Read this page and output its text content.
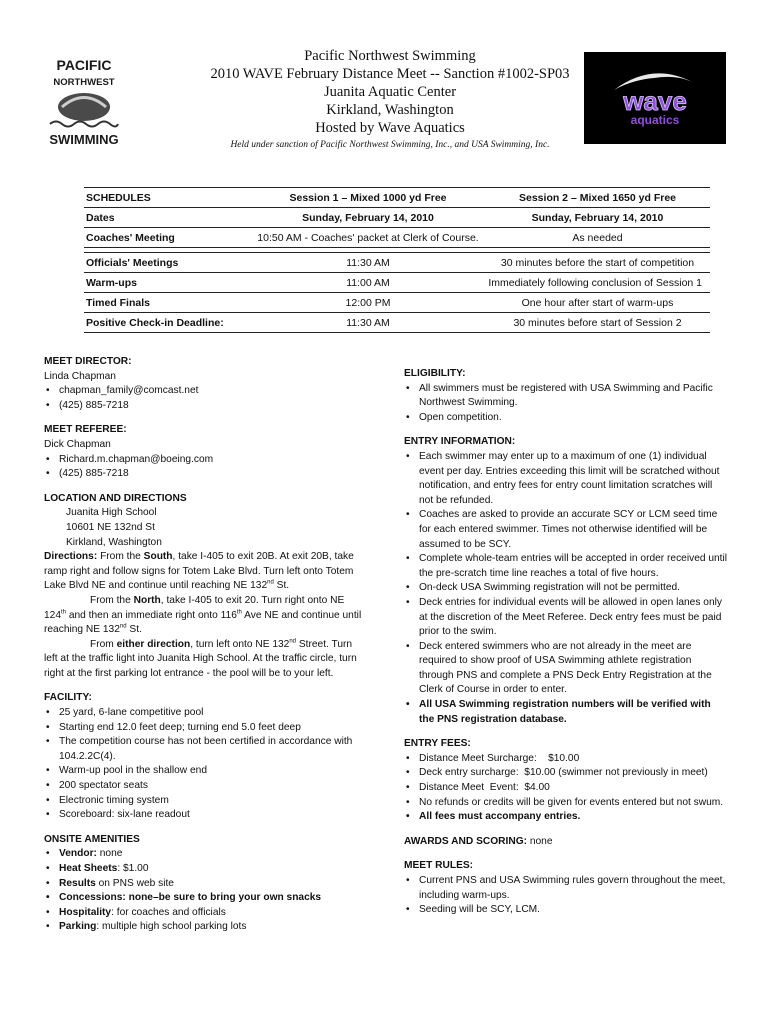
PACIFIC
NORTHWEST
SWIMMING
wave
aquatics
Pacific Northwest Swimming
2010 WAVE February Distance Meet -- Sanction #1002-SP03
Juanita Aquatic Center
Kirkland, Washington
Hosted by Wave Aquatics
Held under sanction of Pacific Northwest Swimming, Inc., and USA Swimming, Inc.
SCHEDULES	Session 1 – Mixed 1000 yd Free	Session 2 – Mixed 1650 yd Free
Dates	Sunday, February 14, 2010	Sunday, February 14, 2010
Coaches' Meeting	10:50 AM - Coaches' packet at Clerk of Course.	As needed

Officials' Meetings	11:30 AM	30 minutes before the start of competition
Warm-ups	11:00 AM	Immediately following conclusion of Session 1
Timed Finals	12:00 PM	One hour after start of warm-ups
Positive Check-in Deadline:	11:30 AM	30 minutes before start of Session 2
MEET DIRECTOR:
Linda Chapman
• chapman_family@comcast.net
• (425) 885-7218
MEET REFEREE:
Dick Chapman
• Richard.m.chapman@boeing.com
• (425) 885-7218
LOCATION AND DIRECTIONS
Juanita High School
10601 NE 132nd St
Kirkland, Washington
Directions: From the South, take I-405 to exit 20B. At exit 20B, take ramp right and follow signs for Totem Lake Blvd. Turn left onto Totem Lake Blvd NE and continue until reaching NE 132nd St.
From the North, take I-405 to exit 20. Turn right onto NE 124th and then an immediate right onto 116th Ave NE and continue until reaching NE 132nd St.
From either direction, turn left onto NE 132nd Street. Turn left at the traffic light into Juanita High School. At the traffic circle, turn right at the first parking lot entrance - the pool will be to your left.
FACILITY:
• 25 yard, 6-lane competitive pool
• Starting end 12.0 feet deep; turning end 5.0 feet deep
• The competition course has not been certified in accordance with 104.2.2C(4).
• Warm-up pool in the shallow end
• 200 spectator seats
• Electronic timing system
• Scoreboard: six-lane readout
ONSITE AMENITIES
• Vendor: none
• Heat Sheets: $1.00
• Results on PNS web site
• Concessions: none–be sure to bring your own snacks
• Hospitality: for coaches and officials
• Parking: multiple high school parking lots
ELIGIBILITY:
• All swimmers must be registered with USA Swimming and Pacific Northwest Swimming.
• Open competition.
ENTRY INFORMATION:
• Each swimmer may enter up to a maximum of one (1) individual event per day. Entries exceeding this limit will be scratched without notification, and entry fees for entry count limitation scratches will not be refunded.
• Coaches are asked to provide an accurate SCY or LCM seed time for each entered swimmer. Times not otherwise identified will be assumed to be SCY.
• Complete whole-team entries will be accepted in order received until the pre-scratch time line reaches a total of five hours.
• On-deck USA Swimming registration will not be permitted.
• Deck entries for individual events will be allowed in open lanes only at the discretion of the Meet Referee. Deck entry fees must be paid prior to the swim.
• Deck entered swimmers who are not already in the meet are required to show proof of USA Swimming athlete registration through PNS and complete a PNS Deck Entry Registration at the Clerk of Course in order to enter.
• All USA Swimming registration numbers will be verified with the PNS registration database.
ENTRY FEES:
• Distance Meet Surcharge:    $10.00
• Deck entry surcharge:  $10.00 (swimmer not previously in meet)
• Distance Meet  Event:  $4.00
• No refunds or credits will be given for events entered but not swum.
• All fees must accompany entries.
AWARDS AND SCORING: none
MEET RULES:
• Current PNS and USA Swimming rules govern throughout the meet, including warm-ups.
• Seeding will be SCY, LCM.
